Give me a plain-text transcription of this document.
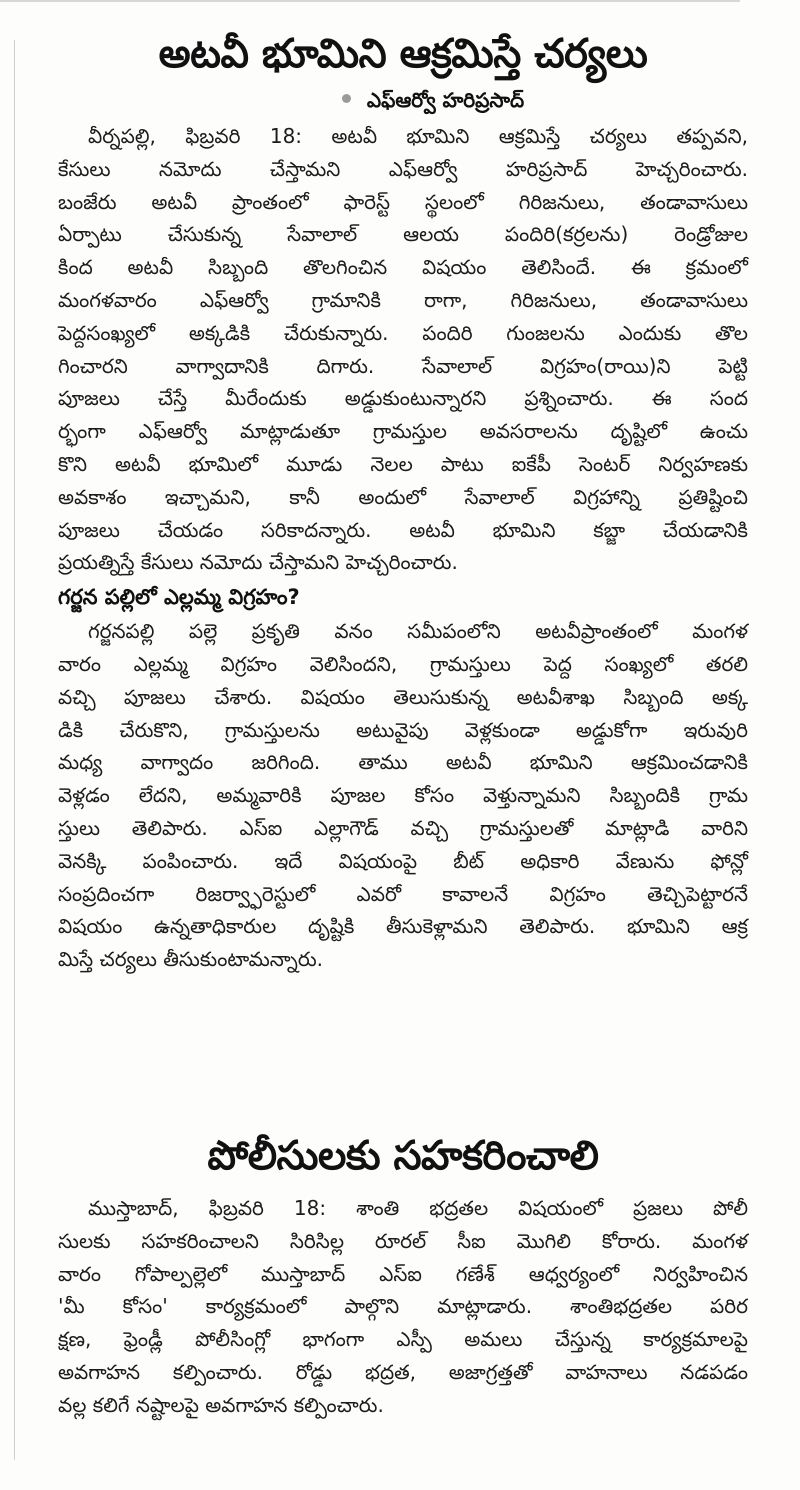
అటవీ భూమిని ఆక్రమిస్తే చర్యలు
ఎఫ్ఆర్వో హరిప్రసాద్
వీర్నపల్లి, ఫిబ్రవరి 18: అటవీ భూమిని ఆక్రమిస్తే చర్యలు తప్పవని,
కేసులు నమోదు చేస్తామని ఎఫ్ఆర్వో హరిప్రసాద్ హెచ్చరించారు.
బంజేరు అటవీ ప్రాంతంలో ఫారెస్ట్ స్థలంలో గిరిజనులు, తండావాసులు
ఏర్పాటు చేసుకున్న సేవాలాల్ ఆలయ పందిరి(కర్రలను) రెండ్రోజుల
కింద అటవీ సిబ్బంది తొలగించిన విషయం తెలిసిందే. ఈ క్రమంలో
మంగళవారం ఎఫ్ఆర్వో గ్రామానికి రాగా, గిరిజనులు, తండావాసులు
పెద్దసంఖ్యలో అక్కడికి చేరుకున్నారు. పందిరి గుంజలను ఎందుకు తొల
గించారని వాగ్వాదానికి దిగారు. సేవాలాల్ విగ్రహం(రాయి)ని పెట్టి
పూజలు చేస్తే మీరేందుకు అడ్డుకుంటున్నారని ప్రశ్నించారు. ఈ సంద
ర్భంగా ఎఫ్ఆర్వో మాట్లాడుతూ గ్రామస్తుల అవసరాలను దృష్టిలో ఉంచు
కొని అటవీ భూమిలో మూడు నెలల పాటు ఐకేపీ సెంటర్ నిర్వహణకు
అవకాశం ఇచ్చామని, కానీ అందులో సేవాలాల్ విగ్రహాన్ని ప్రతిష్టించి
పూజలు చేయడం సరికాదన్నారు. అటవీ భూమిని కబ్జా చేయడానికి
ప్రయత్నిస్తే కేసులు నమోదు చేస్తామని హెచ్చరించారు.
గర్జన పల్లిలో ఎల్లమ్మ విగ్రహం?
గర్జనపల్లి పల్లె ప్రకృతి వనం సమీపంలోని అటవీప్రాంతంలో మంగళ
వారం ఎల్లమ్మ విగ్రహం వెలిసిందని, గ్రామస్తులు పెద్ద సంఖ్యలో తరలి
వచ్చి పూజలు చేశారు. విషయం తెలుసుకున్న అటవీశాఖ సిబ్బంది అక్క
డికి చేరుకొని, గ్రామస్తులను అటువైపు వెళ్లకుండా అడ్డుకోగా ఇరువురి
మధ్య వాగ్వాదం జరిగింది. తాము అటవీ భూమిని ఆక్రమించడానికి
వెళ్లడం లేదని, అమ్మవారికి పూజల కోసం వెళ్తున్నామని సిబ్బందికి గ్రామ
స్తులు తెలిపారు. ఎస్ఐ ఎల్లాగౌడ్ వచ్చి గ్రామస్తులతో మాట్లాడి వారిని
వెనక్కి పంపించారు. ఇదే విషయంపై బీట్ అధికారి వేణును ఫోన్లో
సంప్రదించగా రిజర్వ్ఫారెస్టులో ఎవరో కావాలనే విగ్రహం తెచ్చిపెట్టారనే
విషయం ఉన్నతాధికారుల దృష్టికి తీసుకెళ్లామని తెలిపారు. భూమిని ఆక్ర
మిస్తే చర్యలు తీసుకుంటామన్నారు.
పోలీసులకు సహకరించాలి
ముస్తాబాద్, ఫిబ్రవరి 18: శాంతి భద్రతల విషయంలో ప్రజలు పోలీ
సులకు సహకరించాలని సిరిసిల్ల రూరల్ సీఐ మొగిలి కోరారు. మంగళ
వారం గోపాల్పల్లెలో ముస్తాబాద్ ఎస్ఐ గణేశ్ ఆధ్వర్యంలో నిర్వహించిన
'మీ కోసం' కార్యక్రమంలో పాల్గొని మాట్లాడారు. శాంతిభద్రతల పరిర
క్షణ, ఫ్రెండ్లీ పోలీసింగ్లో భాగంగా ఎస్పీ అమలు చేస్తున్న కార్యక్రమాలపై
అవగాహన కల్పించారు. రోడ్డు భద్రత, అజాగ్రత్తతో వాహనాలు నడపడం
వల్ల కలిగే నష్టాలపై అవగాహన కల్పించారు.
